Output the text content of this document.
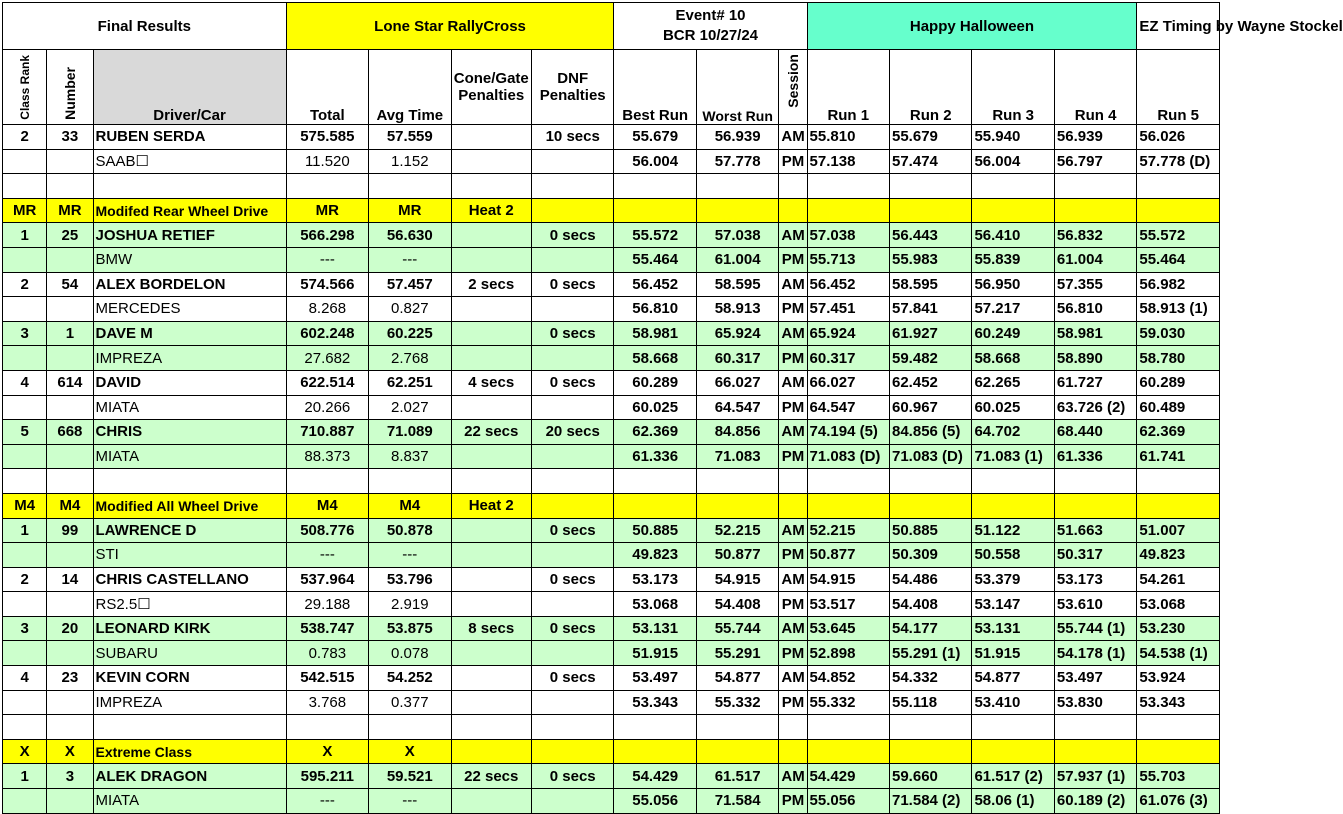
Final Results			Lone Star RallyCross				Event# 10
BCR 10/27/24			Happy Halloween				EZ Timing by Wayne Stockel
Class Rank	Number	Driver/Car	Total	Avg Time	Cone/Gate Penalties	DNF Penalties	Best Run	Worst Run	Session	Run 1	Run 2	Run 3	Run 4	Run 5
2	33	RUBEN SERDA	575.585	57.559		10 secs	55.679	56.939	AM	55.810	55.679	55.940	56.939	56.026
		SAAB☐	11.520	1.152			56.004	57.778	PM	57.138	57.474	56.004	56.797	57.778 (D)

MR	MR	Modifed Rear Wheel Drive	MR	MR	Heat 2									
1	25	JOSHUA RETIEF	566.298	56.630		0 secs	55.572	57.038	AM	57.038	56.443	56.410	56.832	55.572
		BMW	---	---			55.464	61.004	PM	55.713	55.983	55.839	61.004	55.464
2	54	ALEX BORDELON	574.566	57.457	2 secs	0 secs	56.452	58.595	AM	56.452	58.595	56.950	57.355	56.982
		MERCEDES	8.268	0.827			56.810	58.913	PM	57.451	57.841	57.217	56.810	58.913 (1)
3	1	DAVE M	602.248	60.225		0 secs	58.981	65.924	AM	65.924	61.927	60.249	58.981	59.030
		IMPREZA	27.682	2.768			58.668	60.317	PM	60.317	59.482	58.668	58.890	58.780
4	614	DAVID	622.514	62.251	4 secs	0 secs	60.289	66.027	AM	66.027	62.452	62.265	61.727	60.289
		MIATA	20.266	2.027			60.025	64.547	PM	64.547	60.967	60.025	63.726 (2)	60.489
5	668	CHRIS	710.887	71.089	22 secs	20 secs	62.369	84.856	AM	74.194 (5)	84.856 (5)	64.702	68.440	62.369
		MIATA	88.373	8.837			61.336	71.083	PM	71.083 (D)	71.083 (D)	71.083 (1)	61.336	61.741

M4	M4	Modified All Wheel Drive	M4	M4	Heat 2									
1	99	LAWRENCE D	508.776	50.878		0 secs	50.885	52.215	AM	52.215	50.885	51.122	51.663	51.007
		STI	---	---			49.823	50.877	PM	50.877	50.309	50.558	50.317	49.823
2	14	CHRIS CASTELLANO	537.964	53.796		0 secs	53.173	54.915	AM	54.915	54.486	53.379	53.173	54.261
		RS2.5☐	29.188	2.919			53.068	54.408	PM	53.517	54.408	53.147	53.610	53.068
3	20	LEONARD KIRK	538.747	53.875	8 secs	0 secs	53.131	55.744	AM	53.645	54.177	53.131	55.744 (1)	53.230
		SUBARU	0.783	0.078			51.915	55.291	PM	52.898	55.291 (1)	51.915	54.178 (1)	54.538 (1)
4	23	KEVIN CORN	542.515	54.252		0 secs	53.497	54.877	AM	54.852	54.332	54.877	53.497	53.924
		IMPREZA	3.768	0.377			53.343	55.332	PM	55.332	55.118	53.410	53.830	53.343

X	X	Extreme Class	X	X										
1	3	ALEK DRAGON	595.211	59.521	22 secs	0 secs	54.429	61.517	AM	54.429	59.660	61.517 (2)	57.937 (1)	55.703
		MIATA	---	---			55.056	71.584	PM	55.056	71.584 (2)	58.06 (1)	60.189 (2)	61.076 (3)
